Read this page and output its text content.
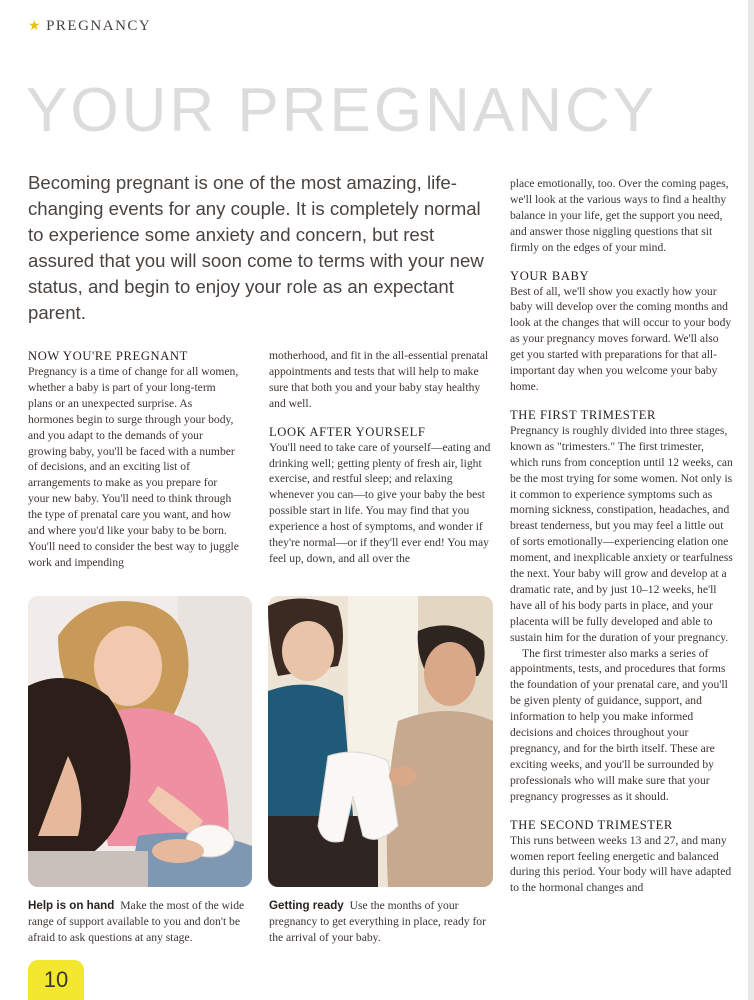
★ PREGNANCY
YOUR PREGNANCY

Becoming pregnant is one of the most amazing, life-changing events for any couple. It is completely normal to experience some anxiety and concern, but rest assured that you will soon come to terms with your new status, and begin to enjoy your role as an expectant parent.

NOW YOU'RE PREGNANT

Pregnancy is a time of change for all women, whether a baby is part of your long-term plans or an unexpected surprise. As hormones begin to surge through your body, and you adapt to the demands of your growing baby, you'll be faced with a number of decisions, and an exciting list of arrangements to make as you prepare for your new baby. You'll need to think through the type of prenatal care you want, and how and where you'd like your baby to be born. You'll need to consider the best way to juggle work and impending

motherhood, and fit in the all-essential prenatal appointments and tests that will help to make sure that both you and your baby stay healthy and well.

LOOK AFTER YOURSELF

You'll need to take care of yourself—eating and drinking well; getting plenty of fresh air, light exercise, and restful sleep; and relaxing whenever you can—to give your baby the best possible start in life. You may find that you experience a host of symptoms, and wonder if they're normal—or if they'll ever end! You may feel up, down, and all over the

place emotionally, too. Over the coming pages, we'll look at the various ways to find a healthy balance in your life, get the support you need, and answer those niggling questions that sit firmly on the edges of your mind.

YOUR BABY

Best of all, we'll show you exactly how your baby will develop over the coming months and look at the changes that will occur to your body as your pregnancy moves forward. We'll also get you started with preparations for that all-important day when you welcome your baby home.

THE FIRST TRIMESTER

Pregnancy is roughly divided into three stages, known as "trimesters." The first trimester, which runs from conception until 12 weeks, can be the most trying for some women. Not only is it common to experience symptoms such as morning sickness, constipation, headaches, and breast tenderness, but you may feel a little out of sorts emotionally—experiencing elation one moment, and inexplicable anxiety or tearfulness the next. Your baby will grow and develop at a dramatic rate, and by just 10–12 weeks, he'll have all of his body parts in place, and your placenta will be fully developed and able to sustain him for the duration of your pregnancy.

The first trimester also marks a series of appointments, tests, and procedures that forms the foundation of your prenatal care, and you'll be given plenty of guidance, support, and information to help you make informed decisions and choices throughout your pregnancy, and for the birth itself. These are exciting weeks, and you'll be surrounded by professionals who will make sure that your pregnancy progresses as it should.

THE SECOND TRIMESTER

This runs between weeks 13 and 27, and many women report feeling energetic and balanced during this period. Your body will have adapted to the hormonal changes and

Help is on hand Make the most of the wide range of support available to you and don't be afraid to ask questions at any stage.
Getting ready Use the months of your pregnancy to get everything in place, ready for the arrival of your baby.
10
